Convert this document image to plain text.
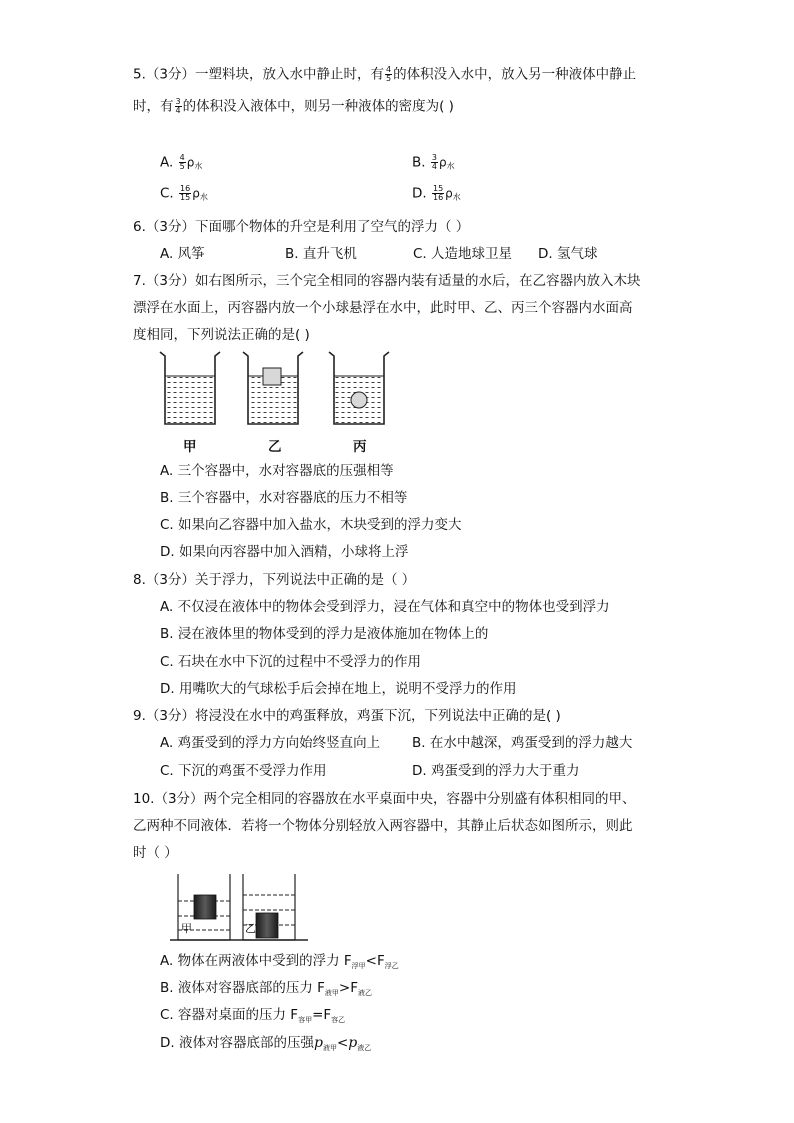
5.（3分）一塑料块，放入水中静止时，有 $\frac{4}{5}$ 的体积没入水中，放入另一种液体中静止
时，有 $\frac{3}{4}$ 的体积没入液体中，则另一种液体的密度为( )
A. $\frac{4}{5} \rho_水$	B. $\frac{3}{4} \rho_水$
C. $\frac{16}{15} \rho_水$	D. $\frac{15}{16} \rho_水$
6.（3分）下面哪个物体的升空是利用了空气的浮力（ ）
A. 风筝	B. 直升飞机	C. 人造地球卫星 D. 氢气球
7.（3分）如右图所示，三个完全相同的容器内装有适量的水后，在乙容器内放入木块
漂浮在水面上，丙容器内放一个小球悬浮在水中，此时甲、乙、丙三个容器内水面高
度相同，下列说法正确的是( )
甲	乙	丙
A. 三个容器中，水对容器底的压强相等
B. 三个容器中，水对容器底的压力不相等
C. 如果向乙容器中加入盐水，木块受到的浮力变大
D. 如果向丙容器中加入酒精，小球将上浮
8.（3分）关于浮力，下列说法中正确的是（ ）
A. 不仅浸在液体中的物体会受到浮力，浸在气体和真空中的物体也受到浮力
B. 浸在液体里的物体受到的浮力是液体施加在物体上的
C. 石块在水中下沉的过程中不受浮力的作用
D. 用嘴吹大的气球松手后会掉在地上，说明不受浮力的作用
9.（3分）将浸没在水中的鸡蛋释放，鸡蛋下沉，下列说法中正确的是( )
A. 鸡蛋受到的浮力方向始终竖直向上 B. 在水中越深，鸡蛋受到的浮力越大
C. 下沉的鸡蛋不受浮力作用	D. 鸡蛋受到的浮力大于重力
10.（3分）两个完全相同的容器放在水平桌面中央，容器中分别盛有体积相同的甲、
乙两种不同液体．若将一个物体分别轻放入两容器中，其静止后状态如图所示，则此
时（ ）
甲	乙
A. 物体在两液体中受到的浮力 $F_{浮甲}<F_{浮乙}$
B. 液体对容器底部的压力 $F_{液甲}>F_{液乙}$
C. 容器对桌面的压力 $F_{容甲}=F_{容乙}$
D. 液体对容器底部的压强$p_{液甲}<p_{液乙}$
